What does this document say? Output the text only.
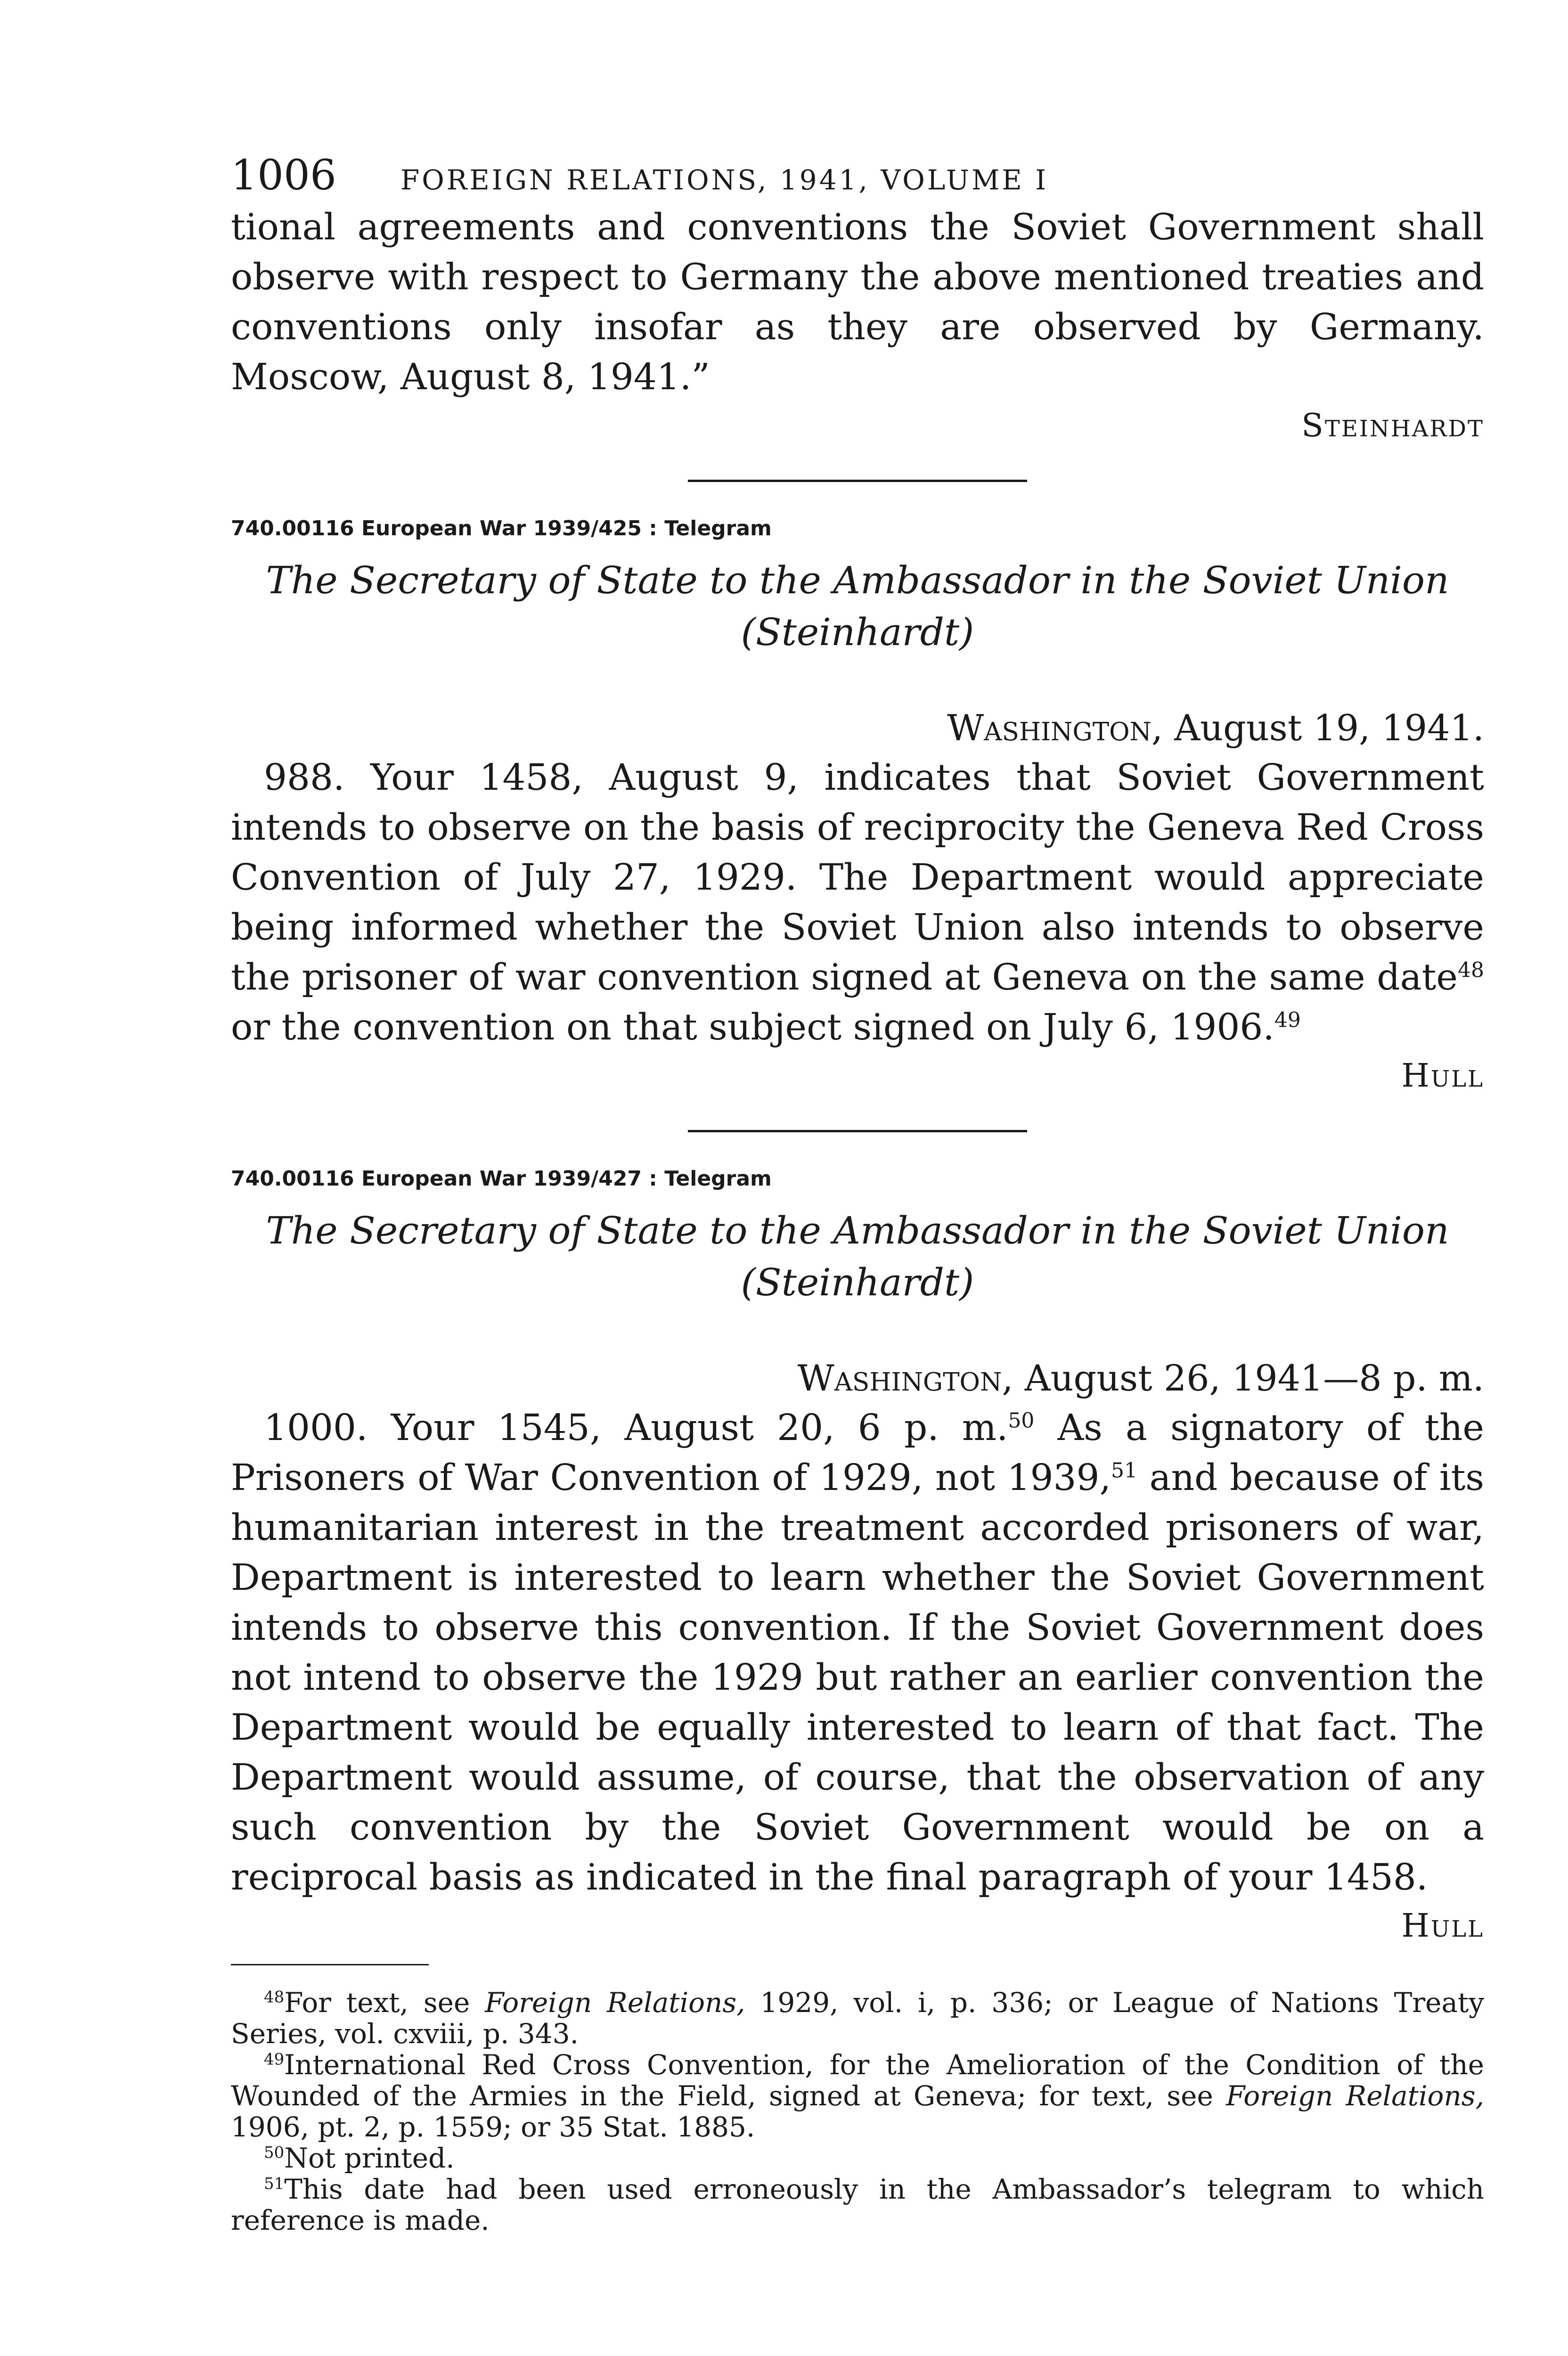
1006	FOREIGN RELATIONS, 1941, VOLUME I

tional agreements and conventions the Soviet Government shall observe with respect to Germany the above mentioned treaties and conventions only insofar as they are observed by Germany. Moscow, August 8, 1941.”

Steinhardt
740.00116 European War 1939/425 : Telegram
The Secretary of State to the Ambassador in the Soviet Union
(Steinhardt)
Washington, August 19, 1941.

988. Your 1458, August 9, indicates that Soviet Government intends to observe on the basis of reciprocity the Geneva Red Cross Convention of July 27, 1929. The Department would appreciate being informed whether the Soviet Union also intends to observe the prisoner of war convention signed at Geneva on the same date$^{48}$ or the convention on that subject signed on July 6, 1906.49

Hull
740.00116 European War 1939/427 : Telegram
The Secretary of State to the Ambassador in the Soviet Union
(Steinhardt)
Washington, August 26, 1941—8 p. m.

1000. Your 1545, August 20, 6 p. m.$^{50}$ As a signatory of the Prisoners of War Convention of 1929, not 1939,51 and because of its humanitarian interest in the treatment accorded prisoners of war, Department is interested to learn whether the Soviet Government intends to observe this convention. If the Soviet Government does not intend to observe the 1929 but rather an earlier convention the Department would be equally interested to learn of that fact. The Department would assume, of course, that the observation of any such convention by the Soviet Government would be on a reciprocal basis as indicated in the final paragraph of your 1458.

Hull

$^{48}$For text, see Foreign Relations, 1929, vol. i, p. 336; or League of Nations Treaty Series, vol. cxviii, p. 343.

$^{49}$International Red Cross Convention, for the Amelioration of the Condition of the Wounded of the Armies in the Field, signed at Geneva; for text, see Foreign Relations, 1906, pt. 2, p. 1559; or 35 Stat. 1885.

$^{50}$Not printed.

$^{51}$This date had been used erroneously in the Ambassador’s telegram to which reference is made.
